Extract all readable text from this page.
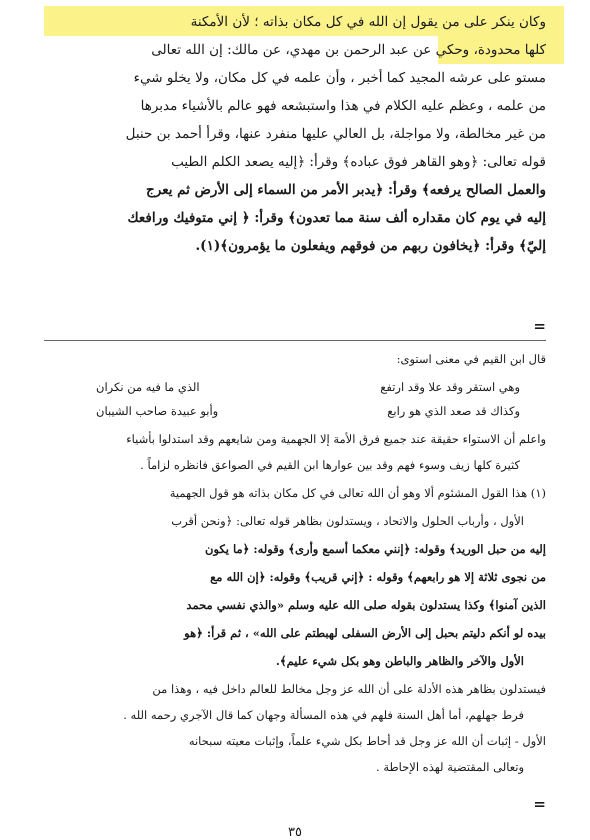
وكان ينكر على من يقول إن الله في كل مكان بذاته ؛ لأن الأمكنة
كلها محدودة، وحكي عن عبد الرحمن بن مهدي، عن مالك: إن الله تعالى
مستو على عرشه المجيد كما أخبر ، وأن علمه في كل مكان، ولا يخلو شيء
من علمه ، وعظم عليه الكلام في هذا واستبشعه فهو عالم بالأشياء مدبرها
من غير مخالطة، ولا مواجلة، بل العالي عليها منفرد عنها، وقرأ أحمد بن حنبل
قوله تعالى: ﴿وهو القاهر فوق عباده﴾ وقرأ: ﴿إليه يصعد الكلم الطيب
والعمل الصالح يرفعه﴾ وقرأ: ﴿يدبر الأمر من السماء إلى الأرض ثم يعرج
إليه في يوم كان مقداره ألف سنة مما تعدون﴾ وقرأ: ﴿ إني متوفيك ورافعك
إليّ﴾ وقرأ: ﴿يخافون ربهم من فوقهم ويفعلون ما يؤمرون﴾(١).
=
قال ابن القيم في معنى استوى:
وهي استقر وقد علا وقد ارتفع
الذي ما فيه من نكران
وكذاك قد صعد الذي هو رابع
وأبو عبيدة صاحب الشيبان
واعلم أن الاستواء حقيقة عند جميع فرق الأمة إلا الجهمية ومن شايعهم وقد استدلوا بأشياء
كثيرة كلها زيف وسوء فهم وقد بين عوارها ابن القيم في الصواعق فانظره لزاماً .
(١) هذا القول المشئوم ألا وهو أن الله تعالى في كل مكان بذاته هو قول الجهمية
الأول ، وأرباب الحلول والاتحاد ، ويستدلون بظاهر قوله تعالى: ﴿ونحن أقرب
إليه من حبل الوريد﴾ وقوله: ﴿إنني معكما أسمع وأرى﴾ وقوله: ﴿ما يكون
من نجوى ثلاثة إلا هو رابعهم﴾ وقوله : ﴿إني قريب﴾ وقوله: ﴿إن الله مع
الذين آمنوا﴾ وكذا يستدلون بقوله صلى الله عليه وسلم «والذي نفسي محمد
بيده لو أنكم دليتم بحبل إلى الأرض السفلى لهبطتم على الله» ، ثم قرأ: ﴿هو
الأول والآخر والظاهر والباطن وهو بكل شيء عليم﴾.
فيستدلون بظاهر هذه الأدلة على أن الله عز وجل مخالط للعالم داخل فيه ، وهذا من
فرط جهلهم، أما أهل السنة فلهم في هذه المسألة وجهان كما قال الآجري رحمه الله .
الأول - إثبات أن الله عز وجل قد أحاط بكل شيء علماً، وإثبات معيته سبحانه
وتعالى المقتضية لهذه الإحاطة .
=
٣٥
